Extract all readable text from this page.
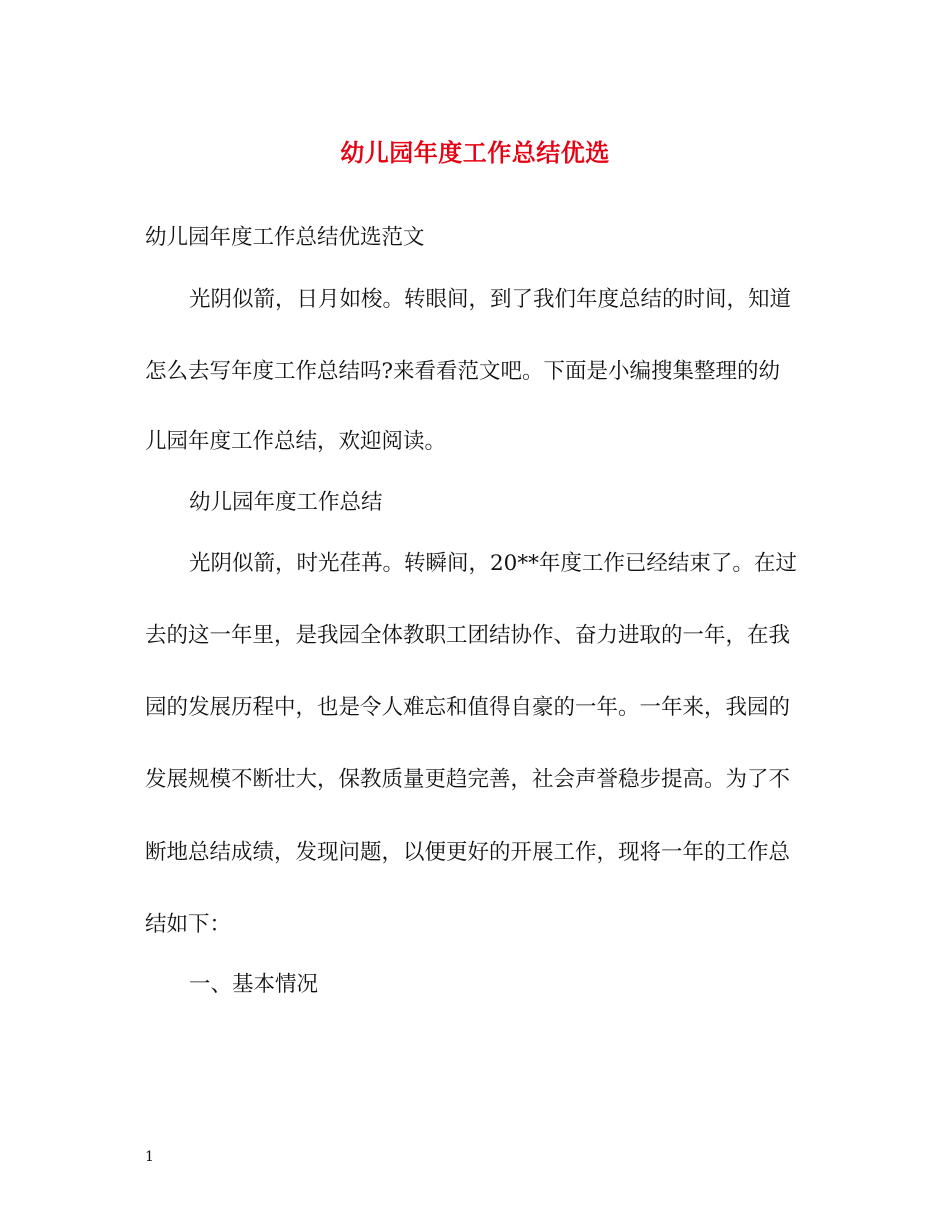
幼儿园年度工作总结优选
幼儿园年度工作总结优选范文
光阴似箭，日月如梭。转眼间，到了我们年度总结的时间，知道
怎么去写年度工作总结吗?来看看范文吧。下面是小编搜集整理的幼
儿园年度工作总结，欢迎阅读。
幼儿园年度工作总结
光阴似箭，时光荏苒。转瞬间，20**年度工作已经结束了。在过
去的这一年里，是我园全体教职工团结协作、奋力进取的一年，在我
园的发展历程中，也是令人难忘和值得自豪的一年。一年来，我园的
发展规模不断壮大，保教质量更趋完善，社会声誉稳步提高。为了不
断地总结成绩，发现问题，以便更好的开展工作，现将一年的工作总
结如下：
一、基本情况
1
